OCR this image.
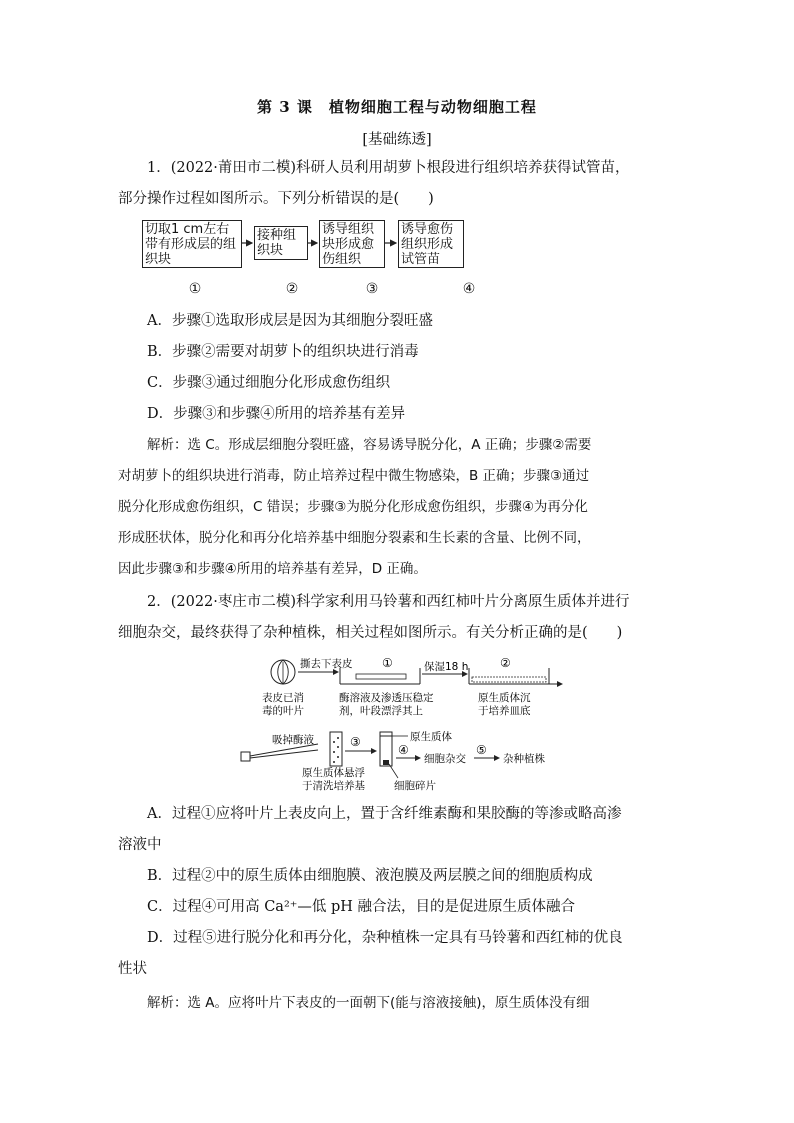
第 3 课　植物细胞工程与动物细胞工程
[基础练透]
1．(2022·莆田市二模)科研人员利用胡萝卜根段进行组织培养获得试管苗，
部分操作过程如图所示。下列分析错误的是(　　)
切取1 cm左右带有形成层的组织块
接种组织块
诱导组织块形成愈伤组织
诱导愈伤组织形成试管苗
①	②	③	④
A．步骤①选取形成层是因为其细胞分裂旺盛
B．步骤②需要对胡萝卜的组织块进行消毒
C．步骤③通过细胞分化形成愈伤组织
D．步骤③和步骤④所用的培养基有差异
解析：选 C。形成层细胞分裂旺盛，容易诱导脱分化，A 正确；步骤②需要
对胡萝卜的组织块进行消毒，防止培养过程中微生物感染，B 正确；步骤③通过
脱分化形成愈伤组织，C 错误；步骤③为脱分化形成愈伤组织，步骤④为再分化
形成胚状体，脱分化和再分化培养基中细胞分裂素和生长素的含量、比例不同，
因此步骤③和步骤④所用的培养基有差异，D 正确。
2．(2022·枣庄市二模)科学家利用马铃薯和西红柿叶片分离原生质体并进行
细胞杂交，最终获得了杂种植株，相关过程如图所示。有关分析正确的是(　　)
表皮已消
毒的叶片
撕去下表皮 ①
酶溶液及渗透压稳定
剂，叶段漂浮其上
保湿18 h	②
原生质体沉
于培养皿底
吸掉酶液	③
原生质体悬浮
于清洗培养基
原生质体
细胞碎片
④
细胞杂交
⑤
杂种植株
A．过程①应将叶片上表皮向上，置于含纤维素酶和果胶酶的等渗或略高渗
溶液中
B．过程②中的原生质体由细胞膜、液泡膜及两层膜之间的细胞质构成
C．过程④可用高 Ca²⁺—低 pH 融合法，目的是促进原生质体融合
D．过程⑤进行脱分化和再分化，杂种植株一定具有马铃薯和西红柿的优良
性状
解析：选 A。应将叶片下表皮的一面朝下(能与溶液接触)，原生质体没有细
